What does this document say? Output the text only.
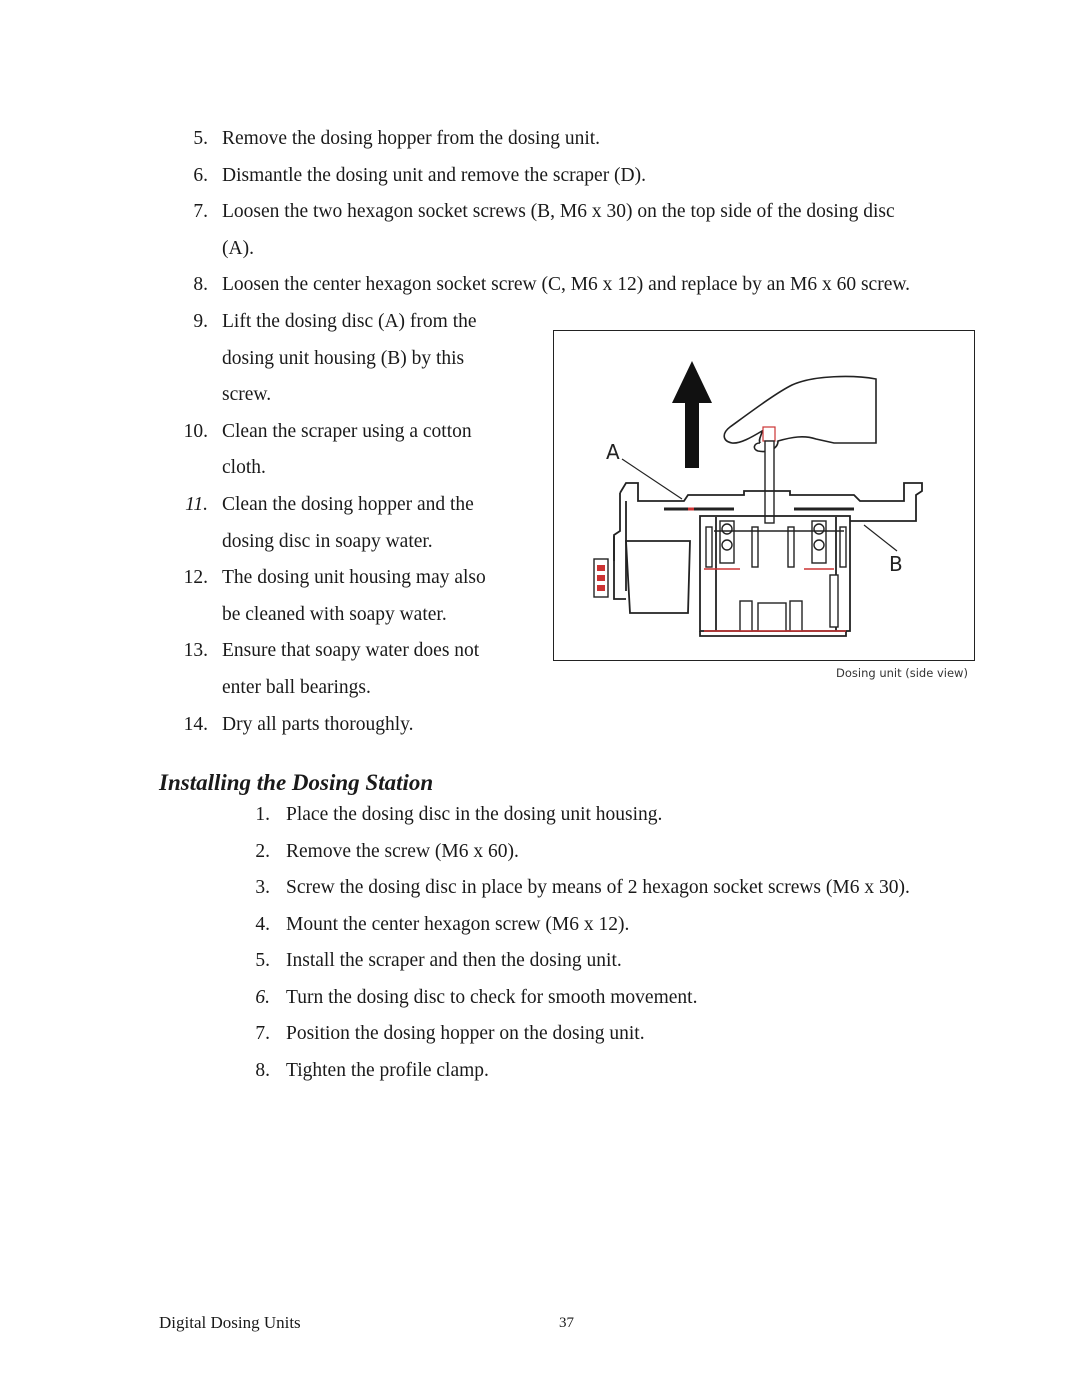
5. Remove the dosing hopper from the dosing unit.
6. Dismantle the dosing unit and remove the scraper (D).
7. Loosen the two hexagon socket screws (B, M6 x 30) on the top side of the dosing disc
(A).
8. Loosen the center hexagon socket screw (C, M6 x 12) and replace by an M6 x 60 screw.
9. Lift the dosing disc (A) from the
dosing unit housing (B) by this
screw.
10. Clean the scraper using a cotton
cloth.
11. Clean the dosing hopper and the
dosing disc in soapy water.
12. The dosing unit housing may also
be cleaned with soapy water.
13. Ensure that soapy water does not
enter ball bearings.
14. Dry all parts thoroughly.
A
B
Dosing unit (side view)
Installing the Dosing Station
1. Place the dosing disc in the dosing unit housing.
2. Remove the screw (M6 x 60).
3. Screw the dosing disc in place by means of 2 hexagon socket screws (M6 x 30).
4. Mount the center hexagon screw (M6 x 12).
5. Install the scraper and then the dosing unit.
6. Turn the dosing disc to check for smooth movement.
7. Position the dosing hopper on the dosing unit.
8. Tighten the profile clamp.
Digital Dosing Units	37
